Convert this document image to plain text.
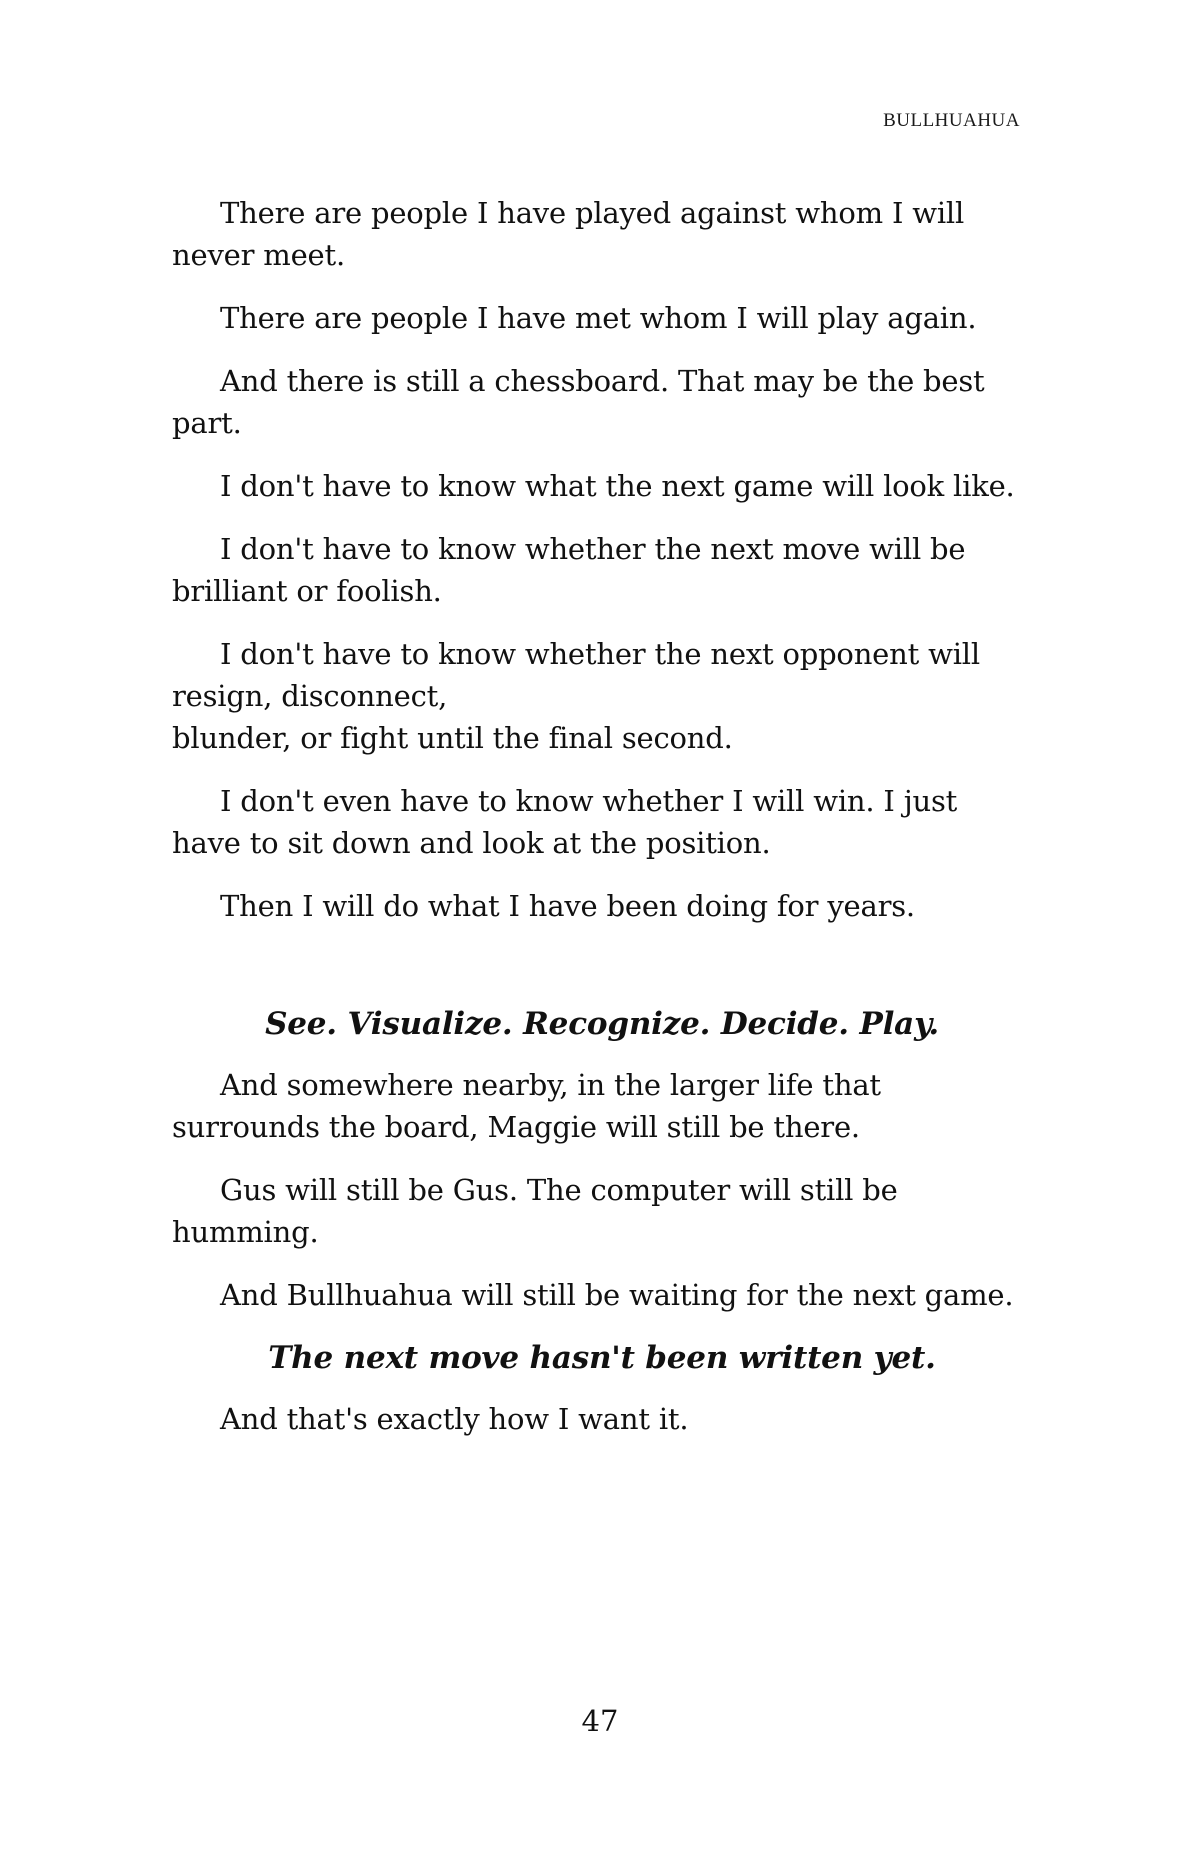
BULLHUAHUA

There are people I have played against whom I will
never meet.

There are people I have met whom I will play again.

And there is still a chessboard. That may be the best
part.

I don't have to know what the next game will look like.

I don't have to know whether the next move will be
brilliant or foolish.

I don't have to know whether the next opponent will
resign, disconnect,
blunder, or fight until the final second.

I don't even have to know whether I will win. I just
have to sit down and look at the position.

Then I will do what I have been doing for years.

See. Visualize. Recognize. Decide. Play.

And somewhere nearby, in the larger life that
surrounds the board, Maggie will still be there.

Gus will still be Gus. The computer will still be
humming.

And Bullhuahua will still be waiting for the next game.

The next move hasn't been written yet.

And that's exactly how I want it.

47
